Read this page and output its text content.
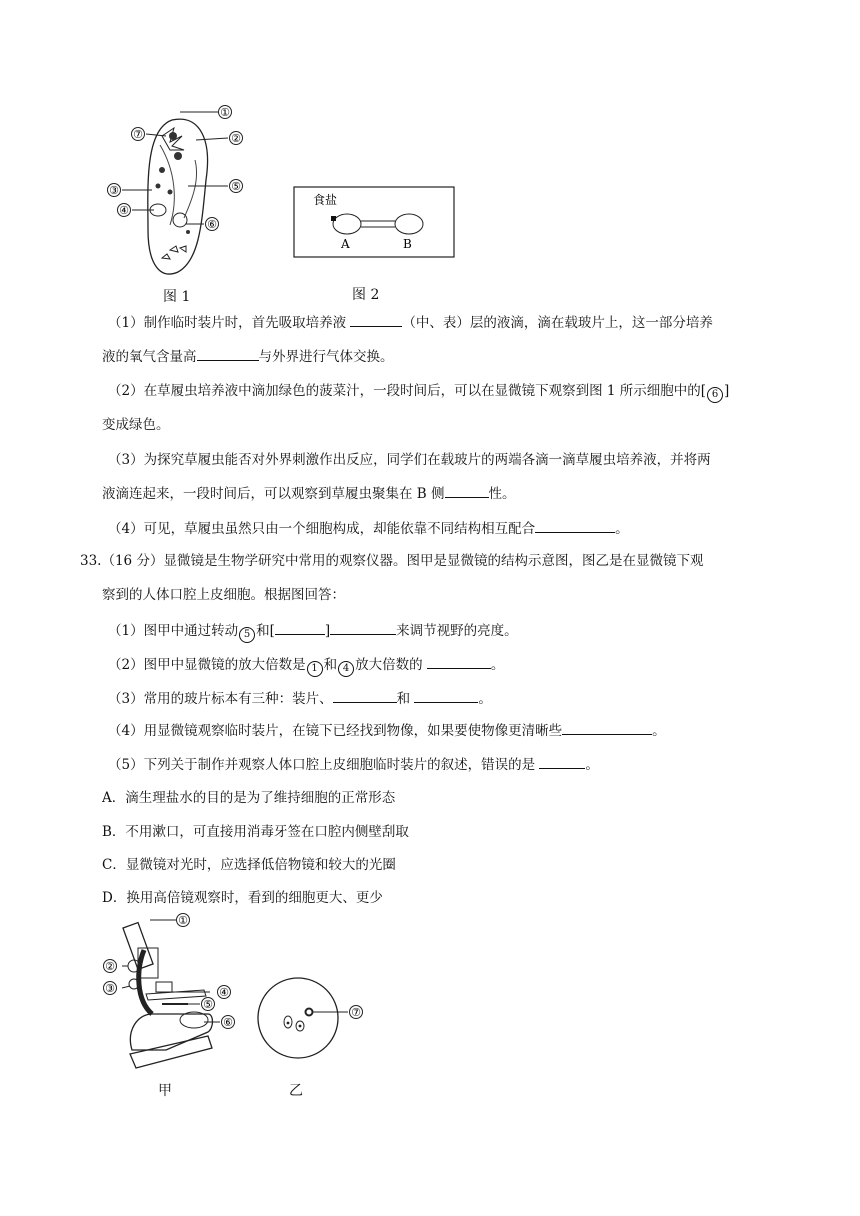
①
②
③
④
⑤
⑥
⑦
图 1
食盐
A	B
图 2
（1）制作临时装片时，首先吸取培养液	（中、表）层的液滴，滴在载玻片上，这一部分培养
液的氧气含量高	与外界进行气体交换。
（2）在草履虫培养液中滴加绿色的菠菜汁，一段时间后，可以在显微镜下观察到图 1 所示细胞中的[ 6 ]
变成绿色。
（3）为探究草履虫能否对外界刺激作出反应，同学们在载玻片的两端各滴一滴草履虫培养液，并将两
液滴连起来，一段时间后，可以观察到草履虫聚集在 B 侧	性。
（4）可见，草履虫虽然只由一个细胞构成，却能依靠不同结构相互配合	。
33.（16 分）显微镜是生物学研究中常用的观察仪器。图甲是显微镜的结构示意图，图乙是在显微镜下观
察到的人体口腔上皮细胞。根据图回答：
（1）图甲中通过转动 5 和[	]	来调节视野的亮度。
（2）图甲中显微镜的放大倍数是 1 和 4 放大倍数的	。
（3）常用的玻片标本有三种：装片、	和	。
（4）用显微镜观察临时装片，在镜下已经找到物像，如果要使物像更清晰些	。
（5）下列关于制作并观察人体口腔上皮细胞临时装片的叙述，错误的是	。
A．滴生理盐水的目的是为了维持细胞的正常形态
B．不用漱口，可直接用消毒牙签在口腔内侧壁刮取
C．显微镜对光时，应选择低倍物镜和较大的光圈
D．换用高倍镜观察时，看到的细胞更大、更少
①
②
③	④
⑤
⑥
甲
⑦
乙
